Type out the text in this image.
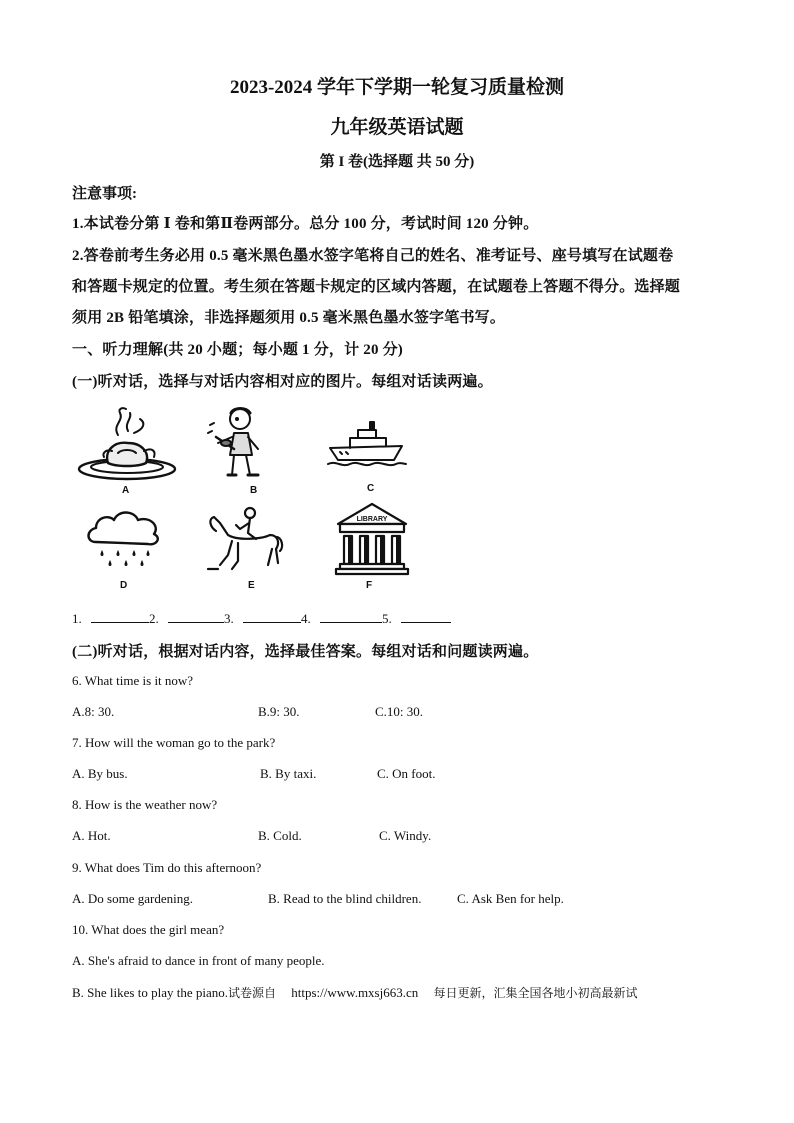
2023-2024 学年下学期一轮复习质量检测
九年级英语试题
第 I 卷(选择题 共 50 分)
注意事项:
1.本试卷分第 Ⅰ 卷和第Ⅱ卷两部分。总分 100 分，考试时间 120 分钟。
2.答卷前考生务必用 0.5 毫米黑色墨水签字笔将自己的姓名、准考证号、座号填写在试题卷
和答题卡规定的位置。考生须在答题卡规定的区域内答题，在试题卷上答题不得分。选择题
须用 2B 铅笔填涂，非选择题须用 0.5 毫米黑色墨水签字笔书写。
一、听力理解(共 20 小题；每小题 1 分，计 20 分)
(一)听对话，选择与对话内容相对应的图片。每组对话读两遍。
A	B	C
D	E
LIBRARY
F
1.	2.	3.	4.	5.
(二)听对话，根据对话内容，选择最佳答案。每组对话和问题读两遍。
6. What time is it now?
A.8: 30.	B.9: 30.	C.10: 30.
7. How will the woman go to the park?
A. By bus.	B. By taxi.	C. On foot.
8. How is the weather now?
A. Hot.	B. Cold.	C. Windy.
9. What does Tim do this afternoon?
A. Do some gardening.	B. Read to the blind children.	C. Ask Ben for help.
10. What does the girl mean?
A. She's afraid to dance in front of many people.
B. She likes to play the piano.试卷源自 https://www.mxsj663.cn 每日更新，汇集全国各地小初高最新试
